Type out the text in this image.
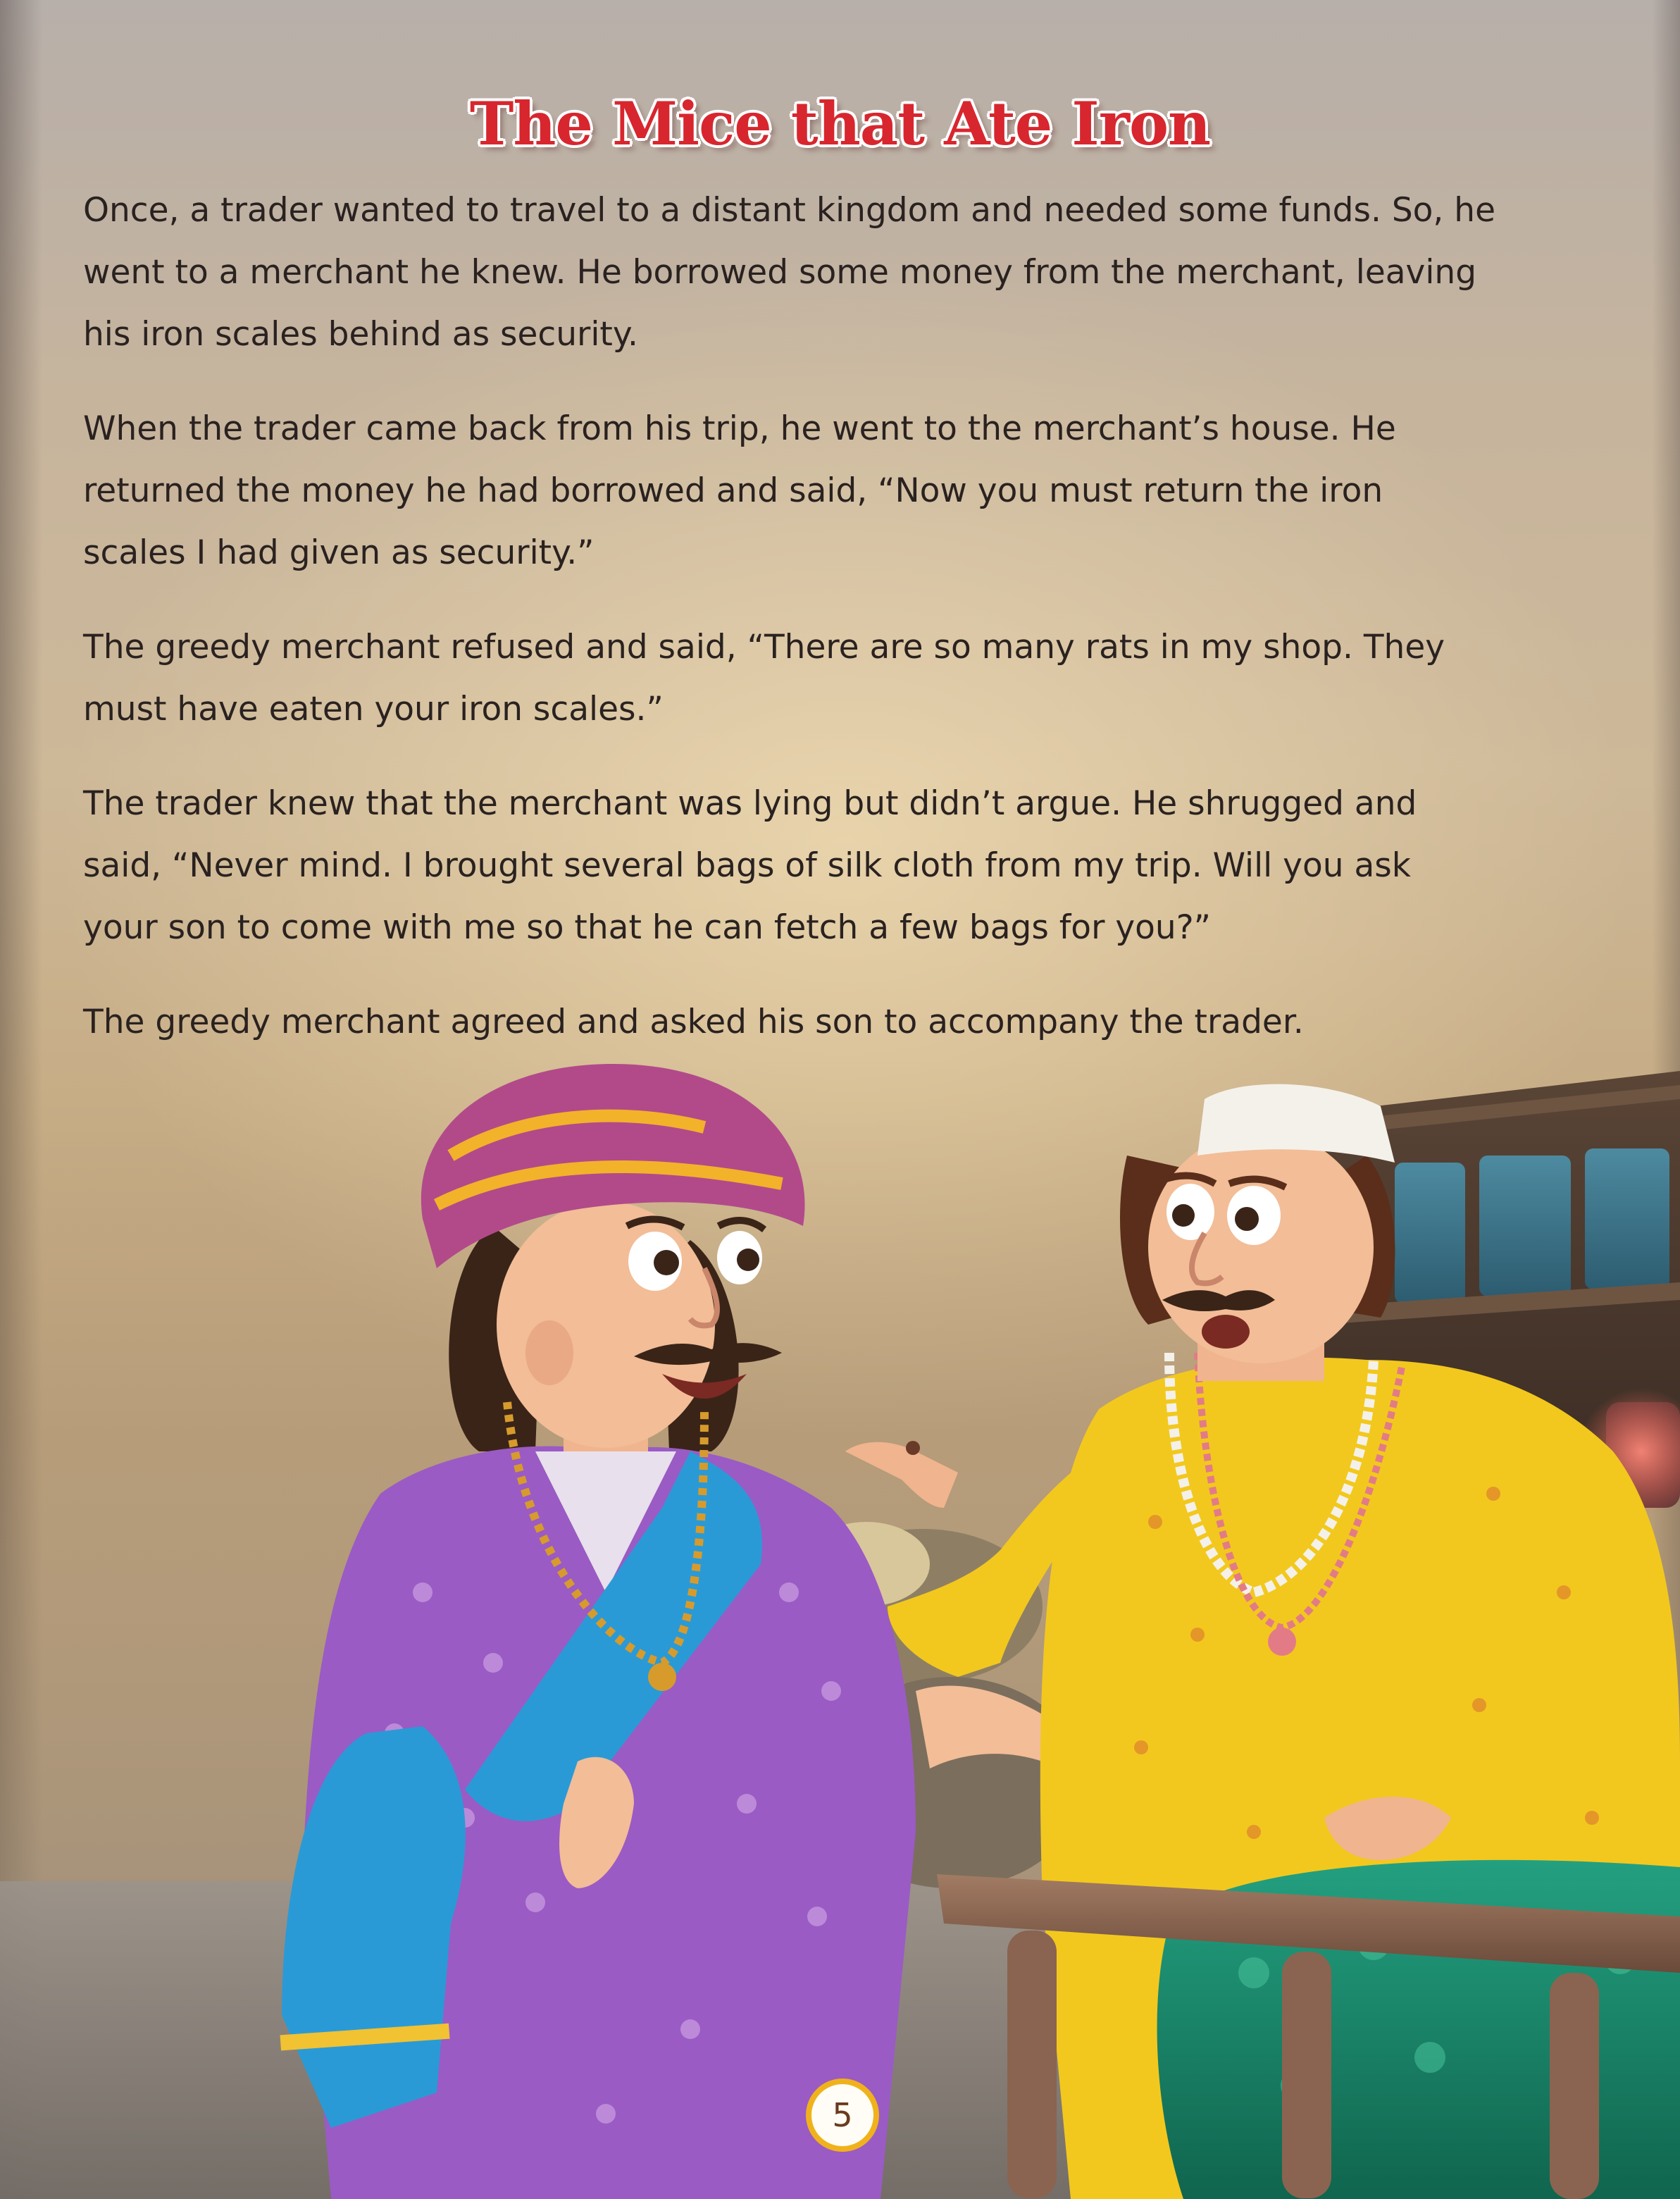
The Mice that Ate Iron

Once, a trader wanted to travel to a distant kingdom and needed some funds. So, he
went to a merchant he knew. He borrowed some money from the merchant, leaving
his iron scales behind as security.

When the trader came back from his trip, he went to the merchant’s house. He
returned the money he had borrowed and said, “Now you must return the iron
scales I had given as security.”

The greedy merchant refused and said, “There are so many rats in my shop. They
must have eaten your iron scales.”

The trader knew that the merchant was lying but didn’t argue. He shrugged and
said, “Never mind. I brought several bags of silk cloth from my trip. Will you ask
your son to come with me so that he can fetch a few bags for you?”

The greedy merchant agreed and asked his son to accompany the trader.

5
